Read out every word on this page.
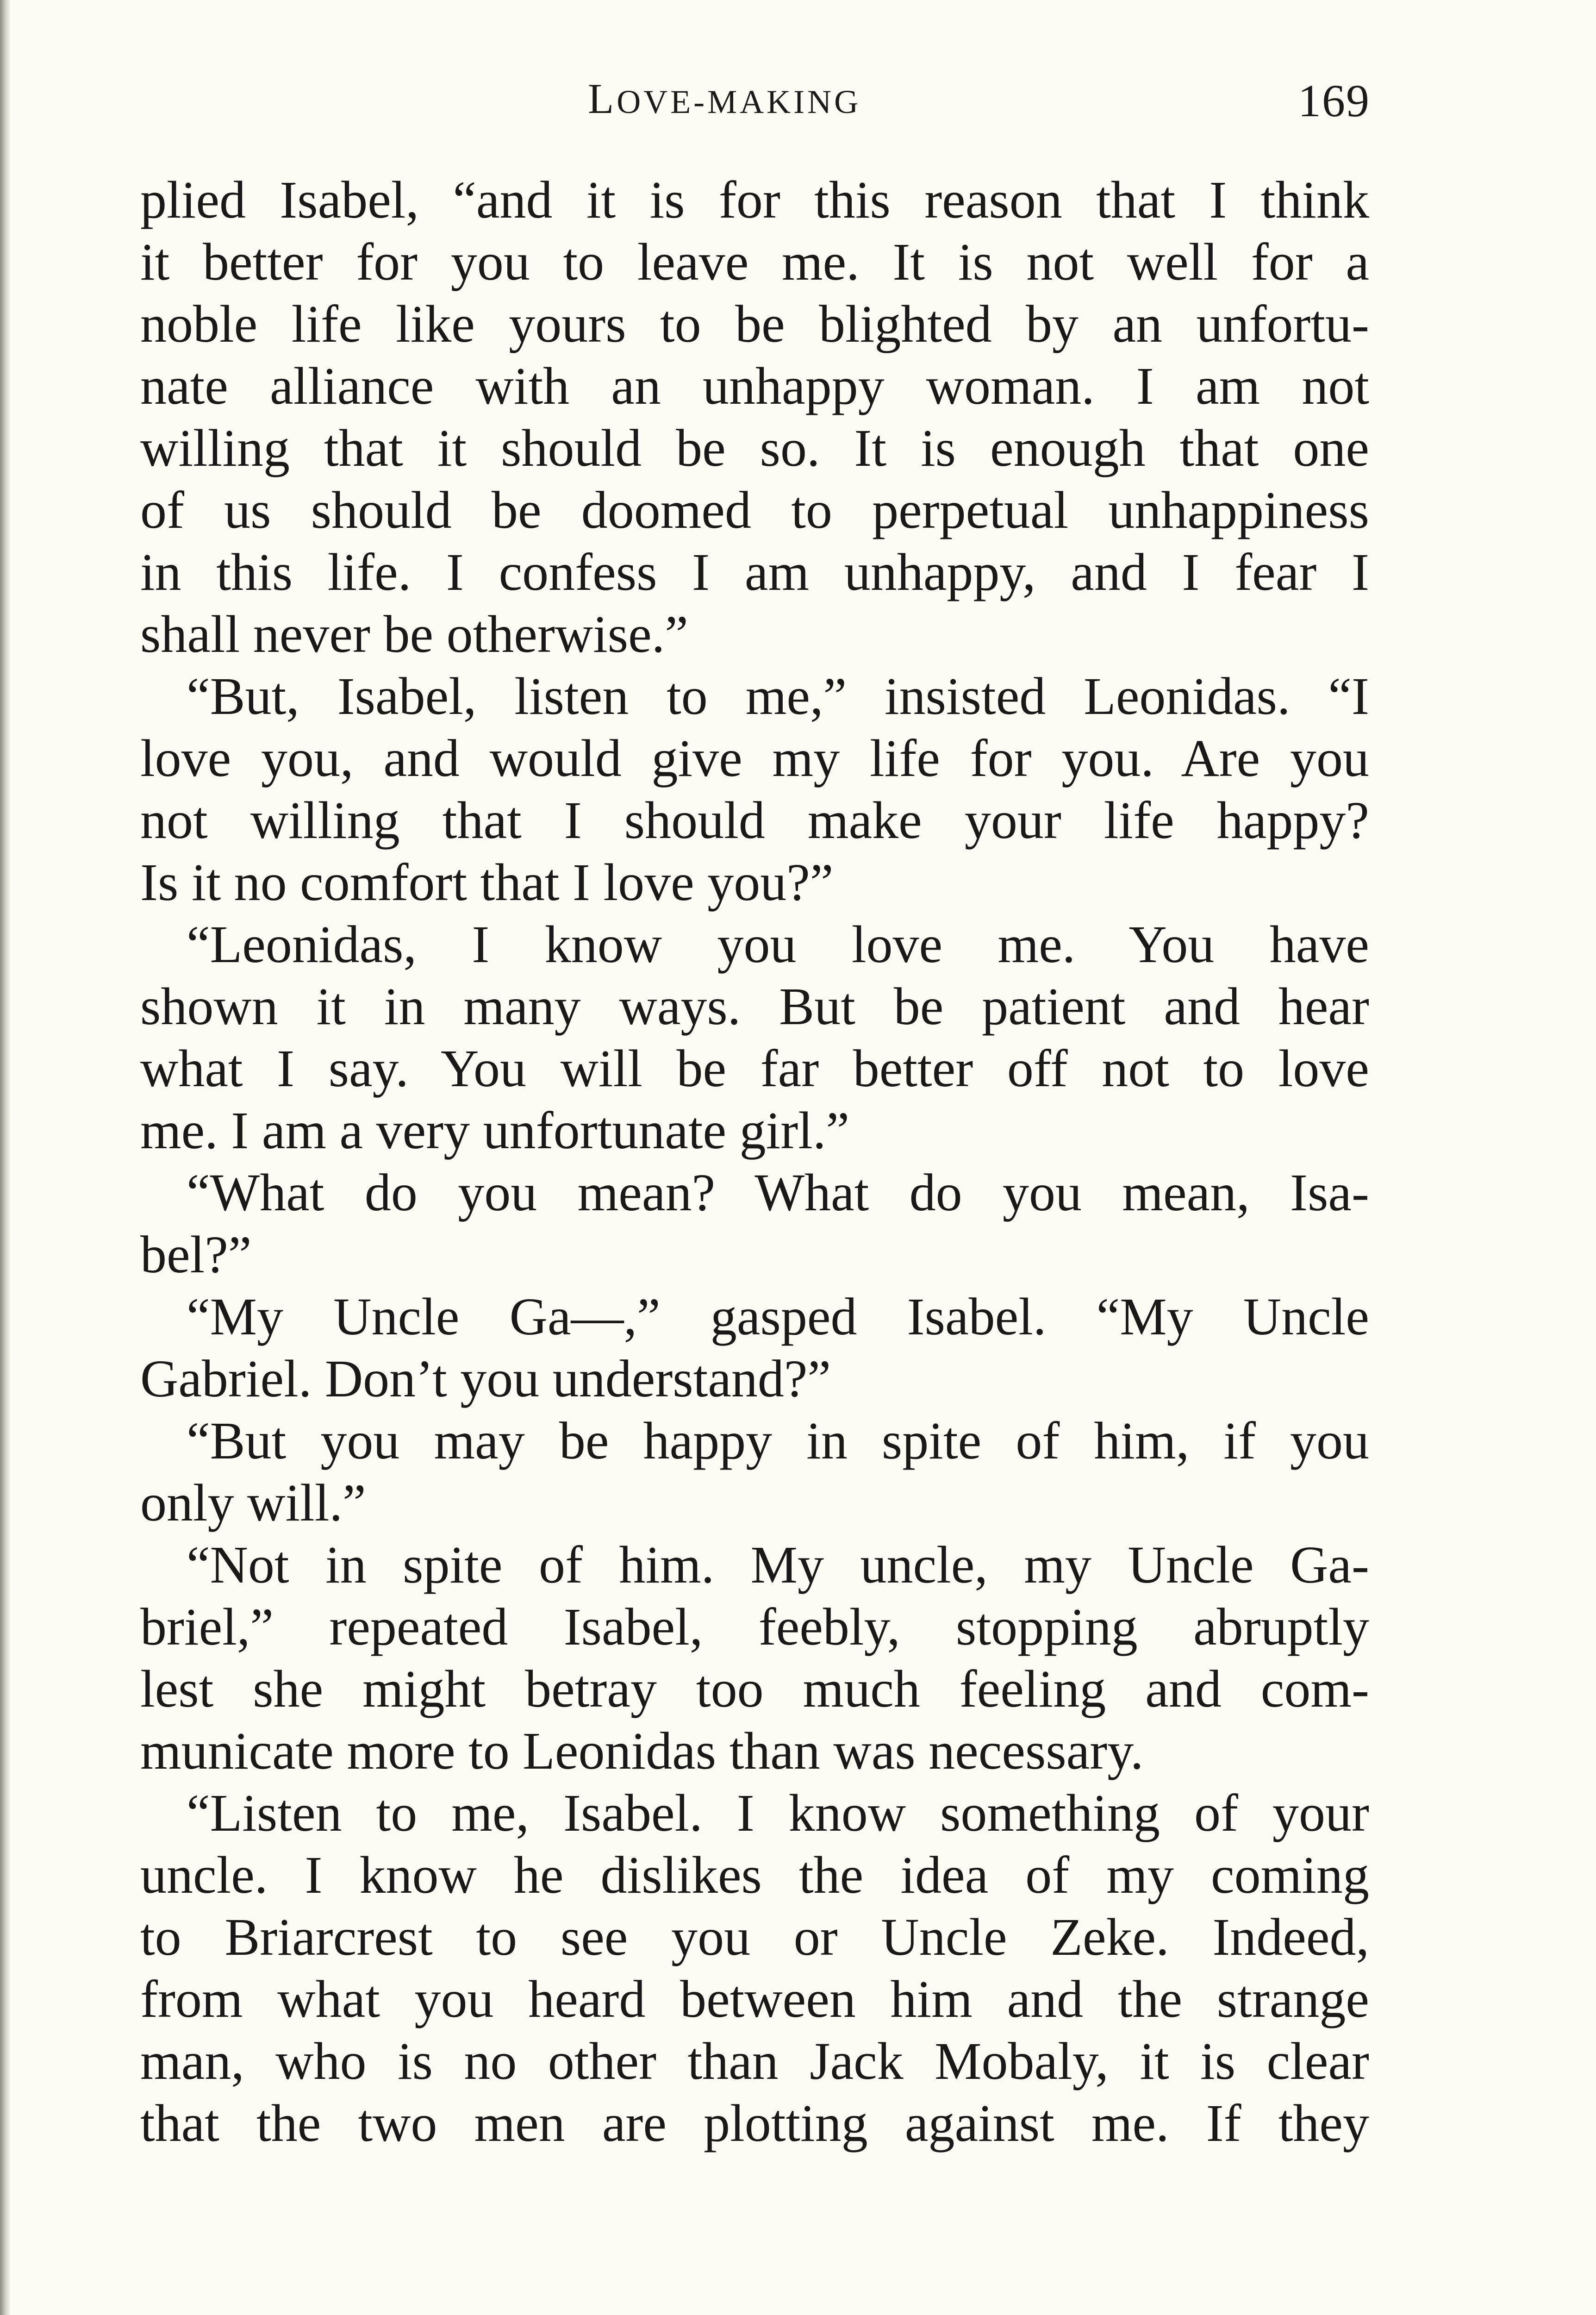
LOVE-MAKING	169
plied Isabel, “and it is for this reason that I think
it better for you to leave me. It is not well for a
noble life like yours to be blighted by an unfortu-
nate alliance with an unhappy woman. I am not
willing that it should be so. It is enough that one
of us should be doomed to perpetual unhappiness
in this life. I confess I am unhappy, and I fear I
shall never be otherwise.”
“But, Isabel, listen to me,” insisted Leonidas. “I
love you, and would give my life for you. Are you
not willing that I should make your life happy?
Is it no comfort that I love you?”
“Leonidas, I know you love me. You have
shown it in many ways. But be patient and hear
what I say. You will be far better off not to love
me. I am a very unfortunate girl.”
“What do you mean? What do you mean, Isa-
bel?”
“My Uncle Ga—,” gasped Isabel. “My Uncle
Gabriel. Don’t you understand?”
“But you may be happy in spite of him, if you
only will.”
“Not in spite of him. My uncle, my Uncle Ga-
briel,” repeated Isabel, feebly, stopping abruptly
lest she might betray too much feeling and com-
municate more to Leonidas than was necessary.
“Listen to me, Isabel. I know something of your
uncle. I know he dislikes the idea of my coming
to Briarcrest to see you or Uncle Zeke. Indeed,
from what you heard between him and the strange
man, who is no other than Jack Mobaly, it is clear
that the two men are plotting against me. If they
